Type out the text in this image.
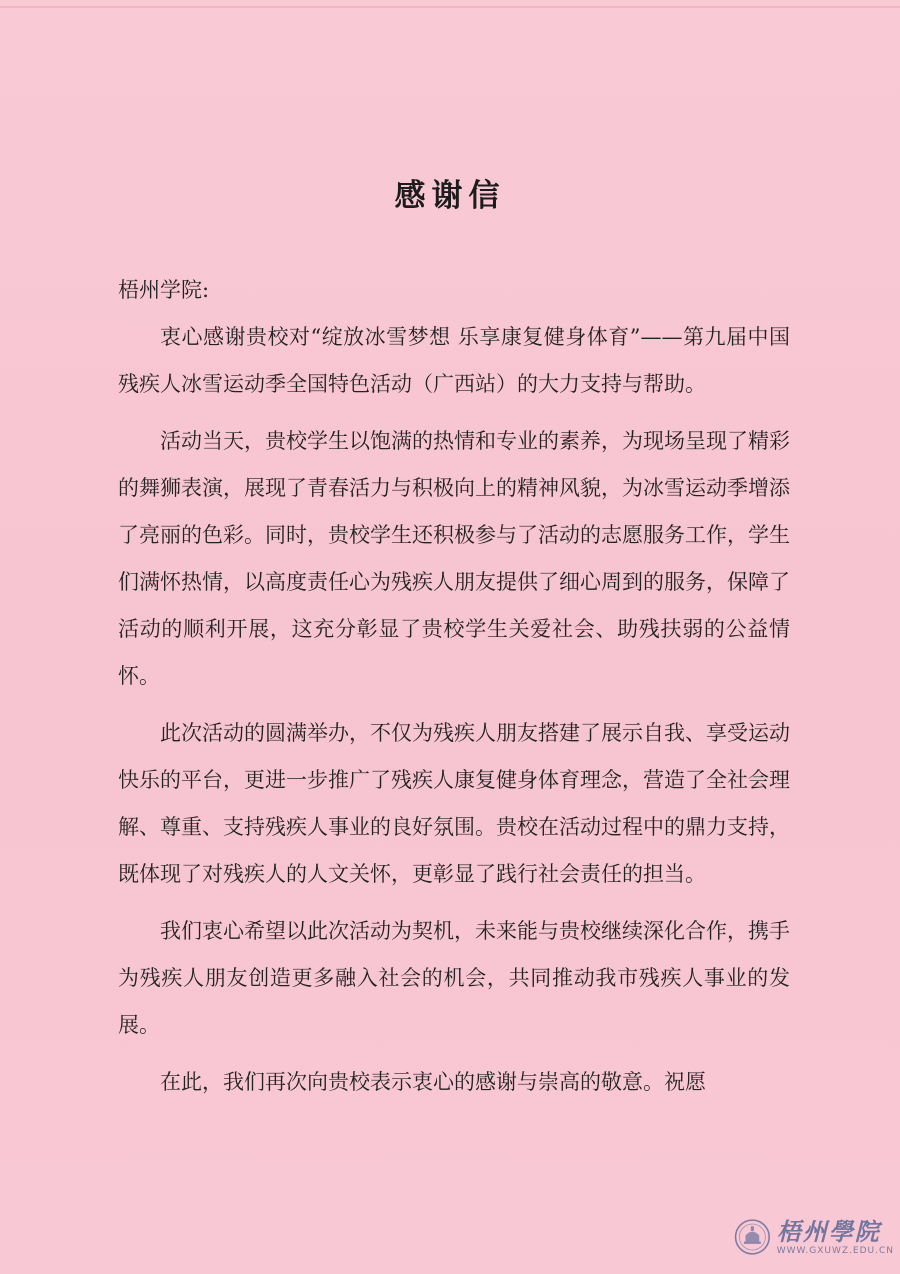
感谢信
梧州学院:

衷心感谢贵校对“绽放冰雪梦想 乐享康复健身体育”——第九届中国残疾人冰雪运动季全国特色活动（广西站）的大力支持与帮助。

活动当天，贵校学生以饱满的热情和专业的素养，为现场呈现了精彩的舞狮表演，展现了青春活力与积极向上的精神风貌，为冰雪运动季增添了亮丽的色彩。同时，贵校学生还积极参与了活动的志愿服务工作，学生们满怀热情，以高度责任心为残疾人朋友提供了细心周到的服务，保障了活动的顺利开展，这充分彰显了贵校学生关爱社会、助残扶弱的公益情怀。

此次活动的圆满举办，不仅为残疾人朋友搭建了展示自我、享受运动快乐的平台，更进一步推广了残疾人康复健身体育理念，营造了全社会理解、尊重、支持残疾人事业的良好氛围。贵校在活动过程中的鼎力支持，既体现了对残疾人的人文关怀，更彰显了践行社会责任的担当。

我们衷心希望以此次活动为契机，未来能与贵校继续深化合作，携手为残疾人朋友创造更多融入社会的机会，共同推动我市残疾人事业的发展。

在此，我们再次向贵校表示衷心的感谢与崇高的敬意。祝愿

梧州學院
WWW.GXUWZ.EDU.CN
